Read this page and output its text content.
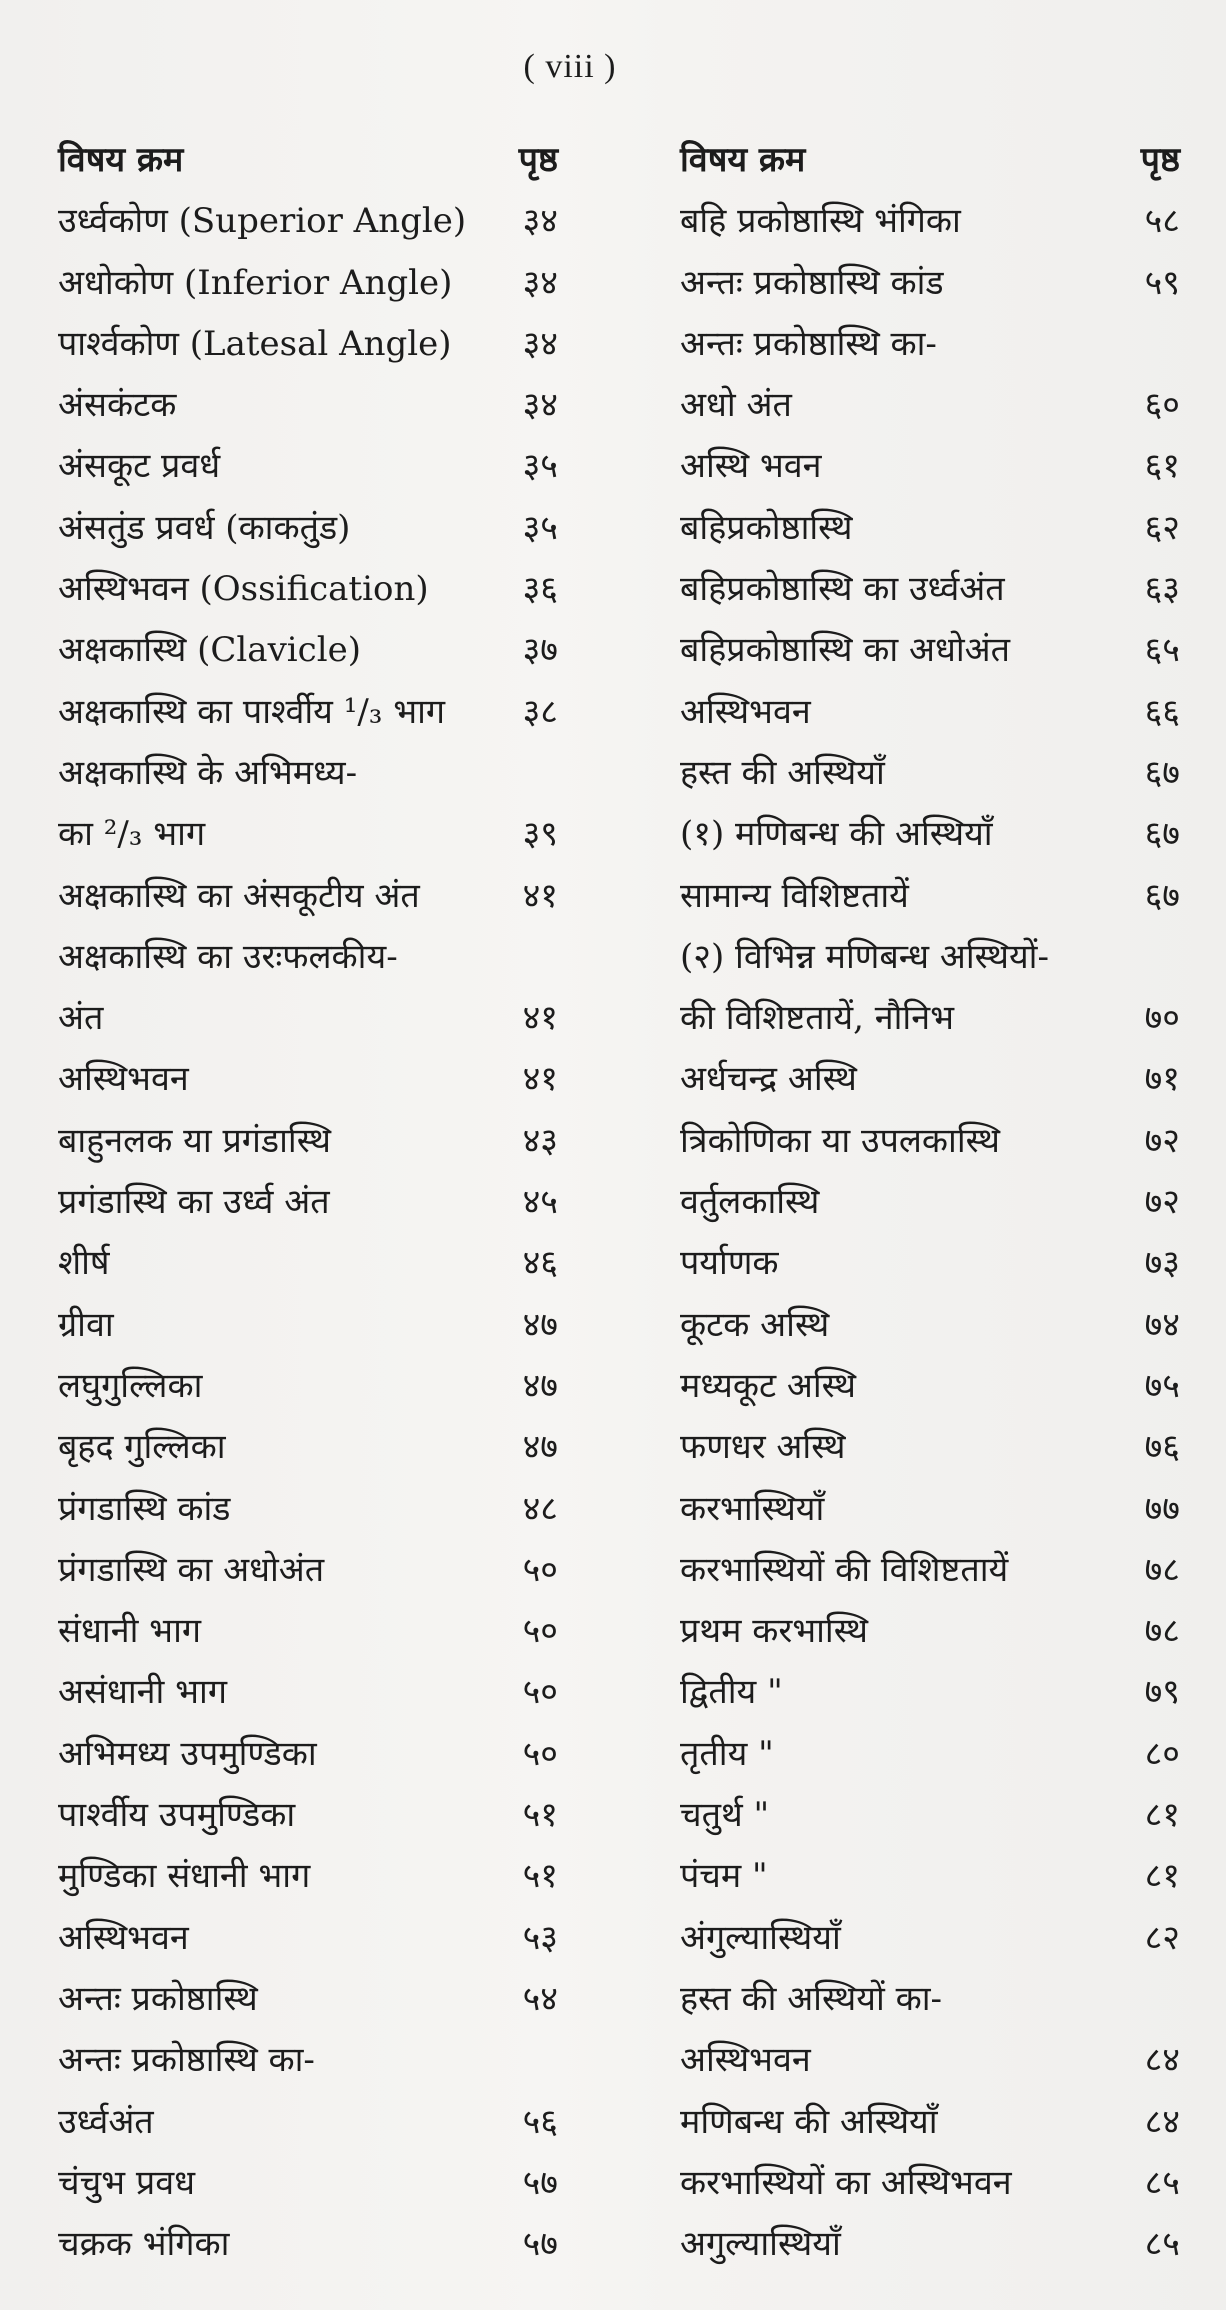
( viii )
विषय क्रम	पृष्ठ
उर्ध्वकोण (Superior Angle) ३४
अधोकोण (Inferior Angle) ३४
पार्श्वकोण (Latesal Angle) ३४
अंसकंटक	३४
अंसकूट प्रवर्ध	३५
अंसतुंड प्रवर्ध (काकतुंड)	३५
अस्थिभवन (Ossification)	३६
अक्षकास्थि (Clavicle)	३७
अक्षकास्थि का पार्श्वीय ¹/₃ भाग ३८
अक्षकास्थि के अभिमध्य-
का ²/₃ भाग	३९
अक्षकास्थि का अंसकूटीय अंत	४१
अक्षकास्थि का उरःफलकीय-
अंत	४१
अस्थिभवन	४१
बाहुनलक या प्रगंडास्थि	४३
प्रगंडास्थि का उर्ध्व अंत	४५
शीर्ष	४६
ग्रीवा	४७
लघुगुल्लिका	४७
बृहद गुल्लिका	४७
प्रंगडास्थि कांड	४८
प्रंगडास्थि का अधोअंत	५०
संधानी भाग	५०
असंधानी भाग	५०
अभिमध्य उपमुण्डिका	५०
पार्श्वीय उपमुण्डिका	५१
मुण्डिका संधानी भाग	५१
अस्थिभवन	५३
अन्तः प्रकोष्ठास्थि	५४
अन्तः प्रकोष्ठास्थि का-
उर्ध्वअंत	५६
चंचुभ प्रवध	५७
चक्रक भंगिका	५७
विषय क्रम	पृष्ठ
बहि प्रकोष्ठास्थि भंगिका	५८
अन्तः प्रकोष्ठास्थि कांड	५९
अन्तः प्रकोष्ठास्थि का-
अधो अंत	६०
अस्थि भवन	६१
बहिप्रकोष्ठास्थि	६२
बहिप्रकोष्ठास्थि का उर्ध्वअंत	६३
बहिप्रकोष्ठास्थि का अधोअंत	६५
अस्थिभवन	६६
हस्त की अस्थियाँ	६७
(१) मणिबन्ध की अस्थियाँ	६७
सामान्य विशिष्टतायें	६७
(२) विभिन्न मणिबन्ध अस्थियों-
की विशिष्टतायें, नौनिभ	७०
अर्धचन्द्र अस्थि	७१
त्रिकोणिका या उपलकास्थि	७२
वर्तुलकास्थि	७२
पर्याणक	७३
कूटक अस्थि	७४
मध्यकूट अस्थि	७५
फणधर अस्थि	७६
करभास्थियाँ	७७
करभास्थियों की विशिष्टतायें	७८
प्रथम करभास्थि	७८
द्वितीय "	७९
तृतीय "	८०
चतुर्थ "	८१
पंचम "	८१
अंगुल्यास्थियाँ	८२
हस्त की अस्थियों का-
अस्थिभवन	८४
मणिबन्ध की अस्थियाँ	८४
करभास्थियों का अस्थिभवन	८५
अगुल्यास्थियाँ	८५
